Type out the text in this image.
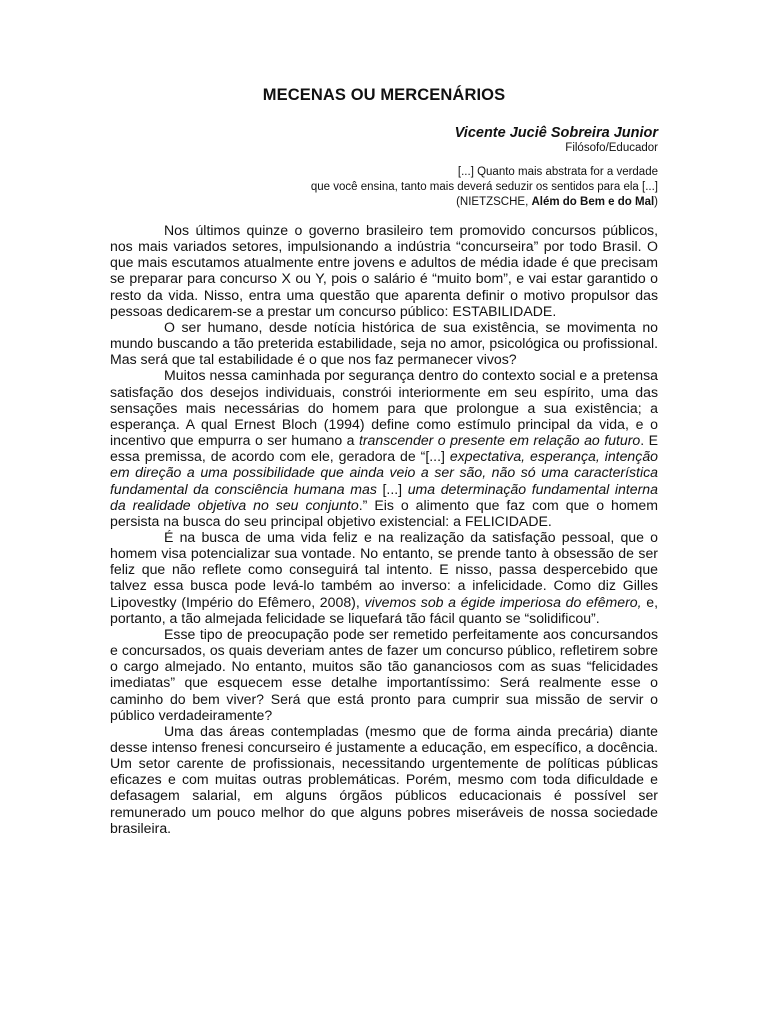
MECENAS OU MERCENÁRIOS
Vicente Juciê Sobreira Junior
Filósofo/Educador
[...] Quanto mais abstrata for a verdade
que você ensina, tanto mais deverá seduzir os sentidos para ela [...]
(NIETZSCHE, Além do Bem e do Mal)

Nos últimos quinze o governo brasileiro tem promovido concursos públicos, nos mais variados setores, impulsionando a indústria “concurseira” por todo Brasil. O que mais escutamos atualmente entre jovens e adultos de média idade é que precisam se preparar para concurso X ou Y, pois o salário é “muito bom”, e vai estar garantido o resto da vida. Nisso, entra uma questão que aparenta definir o motivo propulsor das pessoas dedicarem-se a prestar um concurso público: ESTABILIDADE.

O ser humano, desde notícia histórica de sua existência, se movimenta no mundo buscando a tão preterida estabilidade, seja no amor, psicológica ou profissional. Mas será que tal estabilidade é o que nos faz permanecer vivos?

Muitos nessa caminhada por segurança dentro do contexto social e a pretensa satisfação dos desejos individuais, constrói interiormente em seu espírito, uma das sensações mais necessárias do homem para que prolongue a sua existência; a esperança. A qual Ernest Bloch (1994) define como estímulo principal da vida, e o incentivo que empurra o ser humano a transcender o presente em relação ao futuro. E essa premissa, de acordo com ele, geradora de “[...] expectativa, esperança, intenção em direção a uma possibilidade que ainda veio a ser são, não só uma característica fundamental da consciência humana mas [...] uma determinação fundamental interna da realidade objetiva no seu conjunto.” Eis o alimento que faz com que o homem persista na busca do seu principal objetivo existencial: a FELICIDADE.

É na busca de uma vida feliz e na realização da satisfação pessoal, que o homem visa potencializar sua vontade. No entanto, se prende tanto à obsessão de ser feliz que não reflete como conseguirá tal intento. E nisso, passa despercebido que talvez essa busca pode levá-lo também ao inverso: a infelicidade. Como diz Gilles Lipovestky (Império do Efêmero, 2008), vivemos sob a égide imperiosa do efêmero, e, portanto, a tão almejada felicidade se liquefará tão fácil quanto se “solidificou”.

Esse tipo de preocupação pode ser remetido perfeitamente aos concursandos e concursados, os quais deveriam antes de fazer um concurso público, refletirem sobre o cargo almejado. No entanto, muitos são tão gananciosos com as suas “felicidades imediatas” que esquecem esse detalhe importantíssimo: Será realmente esse o caminho do bem viver? Será que está pronto para cumprir sua missão de servir o público verdadeiramente?

Uma das áreas contempladas (mesmo que de forma ainda precária) diante desse intenso frenesi concurseiro é justamente a educação, em específico, a docência. Um setor carente de profissionais, necessitando urgentemente de políticas públicas eficazes e com muitas outras problemáticas. Porém, mesmo com toda dificuldade e defasagem salarial, em alguns órgãos públicos educacionais é possível ser remunerado um pouco melhor do que alguns pobres miseráveis de nossa sociedade brasileira.
